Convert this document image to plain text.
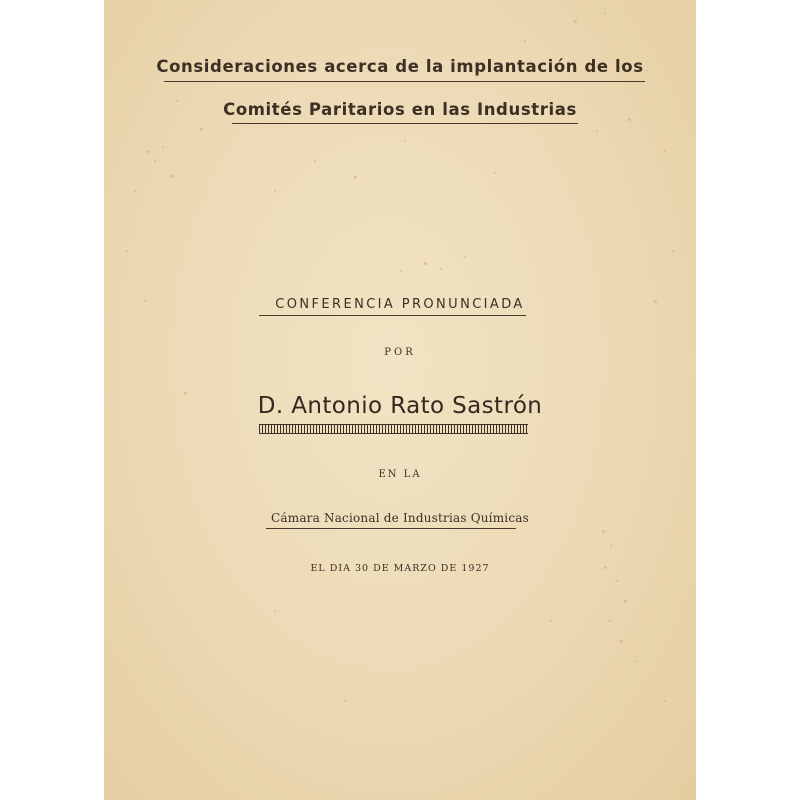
Consideraciones acerca de la implantación de los
Comités Paritarios en las Industrias
CONFERENCIA PRONUNCIADA
POR
D. Antonio Rato Sastrón
EN LA
Cámara Nacional de Industrias Químicas
EL DIA 30 DE MARZO DE 1927
